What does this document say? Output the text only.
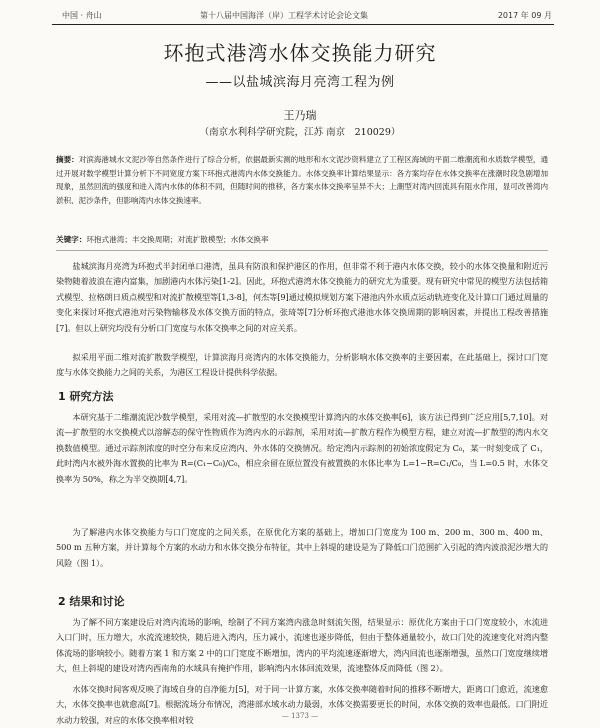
中国 · 舟山	第十八届中国海洋（岸）工程学术讨论会论文集	2017 年 09 月
环抱式港湾水体交换能力研究
——以盐城滨海月亮湾工程为例
王乃瑞
（南京水利科学研究院，江苏 南京　210029）
摘要：对滨海港城水文泥沙等自然条件进行了综合分析，依据最新实测的地形和水文泥沙资料建立了工程区海域的平面二维潮流和水质数学模型，通过开展对数学模型计算分析下不同宽度方案下环抱式港湾内水体交换能力。水体交换率计算结果显示：各方案均存在水体交换率在涨潮时段急剧增加现象，虽然回流的强度和进入湾内水体的体积不同，但随时间的推移，各方案水体交换率呈异不大；上潮型对湾内回流具有阻水作用，显可改善湾内淤积、泥沙条件，但影响湾内水体交换速率。
关键字：环抱式港湾；丰交换周期；对流扩散模型；水体交换率
盐城滨海月亮湾为环抱式半封闭单口港湾，虽具有防浪和保护港区的作用，但非常不利于港内水体交换，较小的水体交换量和附近污染物随着波浪在港内富集，加剧港内水体污染[1-2]。因此，环抱式港湾水体交换能力的研究尤为重要。现有研究中常见的模型方法包括箱式模型、拉格朗日质点模型和对流扩散模型等[1,3-8]，何杰等[9]通过模拟规划方案下港池内外水质点运动轨迹变化及计算口门通过周量的变化来探讨环抱式港池对污染物输移及水体交换方面的特点，张琦等[7]分析环抱式港池水体交换周期的影响因素，并提出工程改善措施[7]。但以上研究均没有分析口门宽度与水体交换率之间的对应关系。
拟采用平面二维对流扩散数学模型，计算滨海月亮湾内的水体交换能力，分析影响水体交换率的主要因素，在此基础上，探讨口门宽度与水体交换能力之间的关系，为港区工程设计提供科学依据。
1 研究方法
本研究基于二维潮流泥沙数学模型，采用对流—扩散型的水交换模型计算湾内的水体交换率[6]，该方法已得到广泛应用[5,7,10]。对流—扩散型的水交换模式以溶解态的保守性物质作为湾内水的示踪剂，采用对流—扩散方程作为模型方程，建立对流—扩散型的湾内水交换数值模型。通过示踪剂浓度的时空分布来反应湾内、外水体的交换情况。给定湾内示踪剂的初始浓度假定为 C₀，某一时刻变成了 C₁，此时湾内水被外海水置换的比率为 R=(C₁−C₀)/C₀，相应余留在原位置没有被置换的水体比率为 L=1−R=C₁/C₀，当 L=0.5 时，水体交换率为 50%，称之为半交换期[4,7]。
为了解港内水体交换能力与口门宽度的之间关系，在原优化方案的基础上，增加口门宽度为 100 m、200 m、300 m、400 m、500 m 五种方案，并计算每个方案的水动力和水体交换分布特征，其中上斜堤的建设是为了降低口门范围扩入引起的湾内波浪泥沙增大的风险（图 1）。
2 结果和讨论
为了解不同方案建设后对湾内流场的影响，绘制了不同方案湾内涨急时刻流矢图，结果显示：原优化方案由于口门宽度较小，水流进入口门时，压力增大，水流流速较快，随后进入湾内，压力减小，流速也逐步降低，但由于整体通量较小，故口门处的流速变化对湾内整体流场的影响较小。随着方案 1 和方案 2 中的口门宽度不断增加，湾内的平均流速逐渐增大，湾内回流也逐渐增强，虽然口门宽度继续增大，但上斜堤的建设对湾内西南角的水域具有掩护作用，影响湾内水体回流效果，流速整体反而降低（图 2）。
水体交换时间客观反映了海域自身的自净能力[5]，对于同一计算方案，水体交换率随着时间的推移不断增大，距离口门愈近，流速愈大，水体交换率也就愈高[7]。根据流场分布情况，湾港部水域水动力最弱，水体交换需要更长的时间，水体交换的效率也最低。口门附近水动力较强，对应的水体交换率相对较	— 1373 —
